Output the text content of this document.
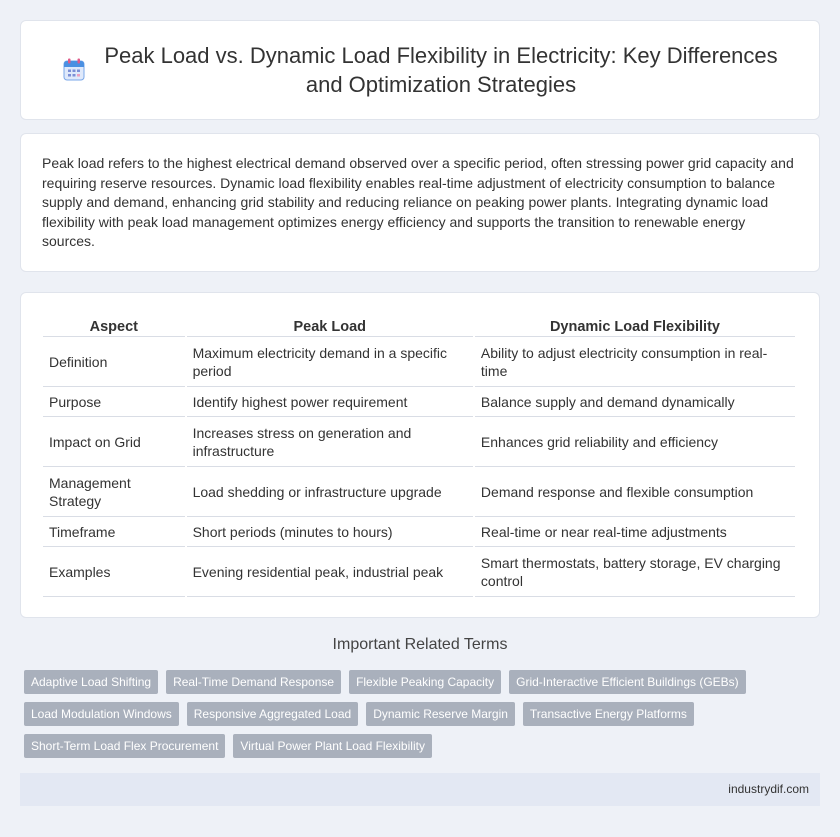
Peak Load vs. Dynamic Load Flexibility in Electricity: Key Differences and Optimization Strategies

Peak load refers to the highest electrical demand observed over a specific period, often stressing power grid capacity and requiring reserve resources. Dynamic load flexibility enables real-time adjustment of electricity consumption to balance supply and demand, enhancing grid stability and reducing reliance on peaking power plants. Integrating dynamic load flexibility with peak load management optimizes energy efficiency and supports the transition to renewable energy sources.

Aspect	Peak Load	Dynamic Load Flexibility
Definition	Maximum electricity demand in a specific period	Ability to adjust electricity consumption in real-time
Purpose	Identify highest power requirement	Balance supply and demand dynamically
Impact on Grid	Increases stress on generation and infrastructure	Enhances grid reliability and efficiency
Management Strategy	Load shedding or infrastructure upgrade	Demand response and flexible consumption
Timeframe	Short periods (minutes to hours)	Real-time or near real-time adjustments
Examples	Evening residential peak, industrial peak	Smart thermostats, battery storage, EV charging control
Important Related Terms
Adaptive Load Shifting	Real-Time Demand Response	Flexible Peaking Capacity	Grid-Interactive Efficient Buildings (GEBs)
Load Modulation Windows	Responsive Aggregated Load	Dynamic Reserve Margin	Transactive Energy Platforms
Short-Term Load Flex Procurement	Virtual Power Plant Load Flexibility
industrydif.com
